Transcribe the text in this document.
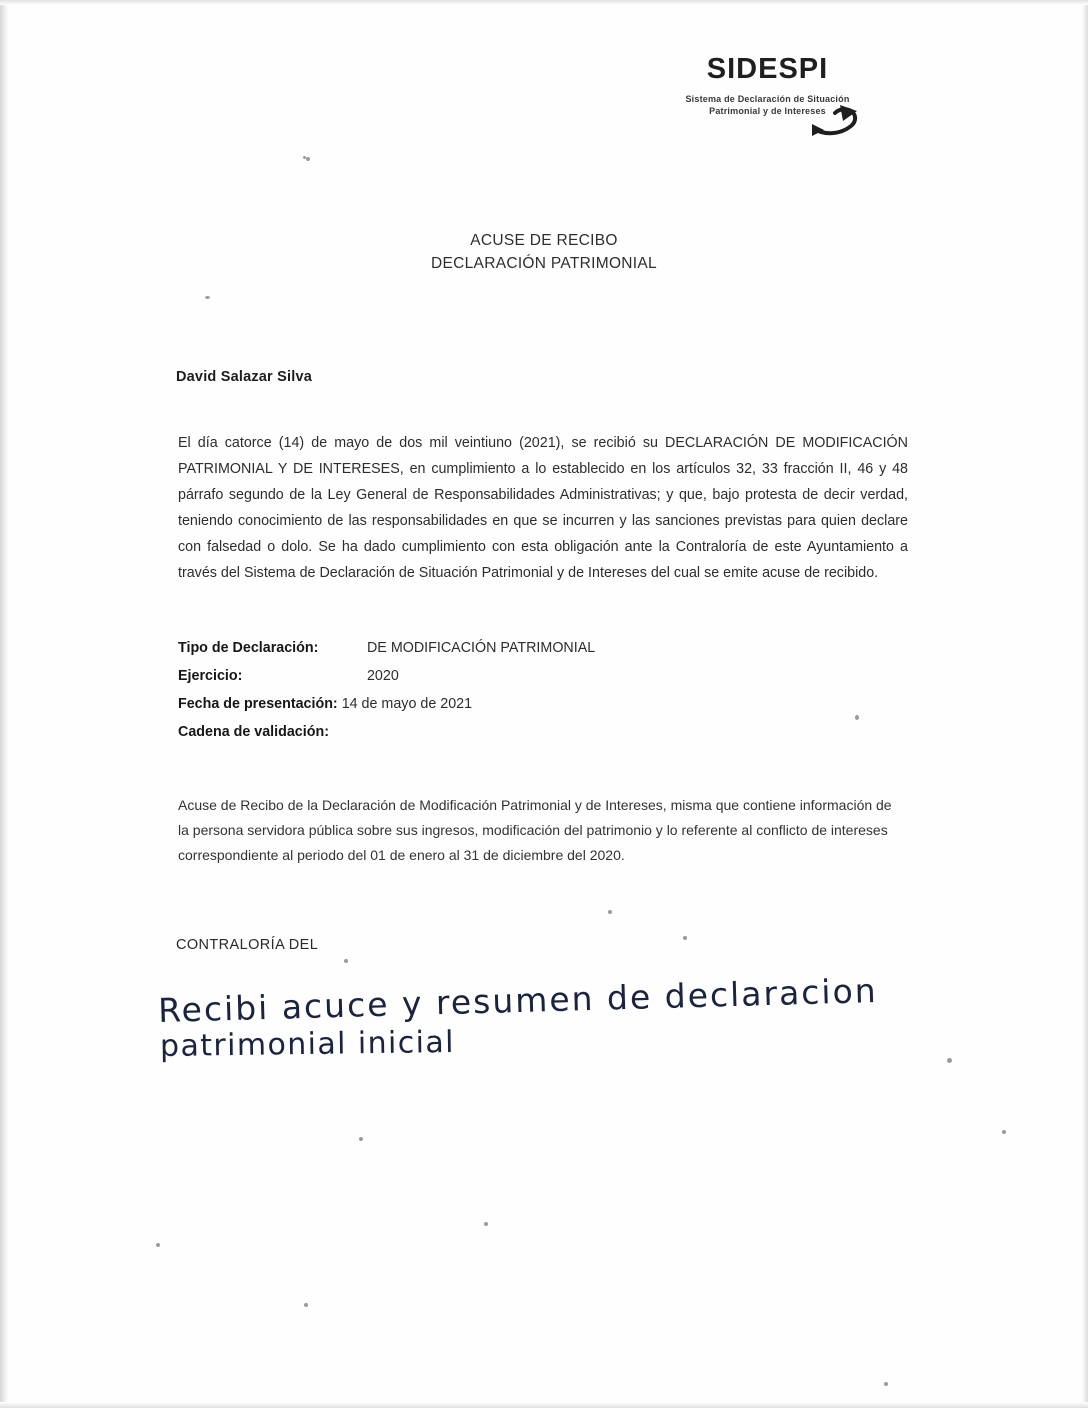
SIDESPI
Sistema de Declaración de Situación
Patrimonial y de Intereses
ACUSE DE RECIBO
DECLARACIÓN PATRIMONIAL
David Salazar Silva
El día catorce (14) de mayo de dos mil veintiuno (2021), se recibió su DECLARACIÓN DE MODIFICACIÓN PATRIMONIAL Y DE INTERESES, en cumplimiento a lo establecido en los artículos 32, 33 fracción II, 46 y 48 párrafo segundo de la Ley General de Responsabilidades Administrativas; y que, bajo protesta de decir verdad, teniendo conocimiento de las responsabilidades en que se incurren y las sanciones previstas para quien declare con falsedad o dolo. Se ha dado cumplimiento con esta obligación ante la Contraloría de este Ayuntamiento a través del Sistema de Declaración de Situación Patrimonial y de Intereses del cual se emite acuse de recibido.
Tipo de Declaración:	DE MODIFICACIÓN PATRIMONIAL
Ejercicio:	2020
Fecha de presentación: 14 de mayo de 2021
Cadena de validación:
Acuse de Recibo de la Declaración de Modificación Patrimonial y de Intereses, misma que contiene información de la persona servidora pública sobre sus ingresos, modificación del patrimonio y lo referente al conflicto de intereses correspondiente al periodo del 01 de enero al 31 de diciembre del 2020.
CONTRALORÍA DEL
Recibi acuce y resumen de declaracion
patrimonial inicial
